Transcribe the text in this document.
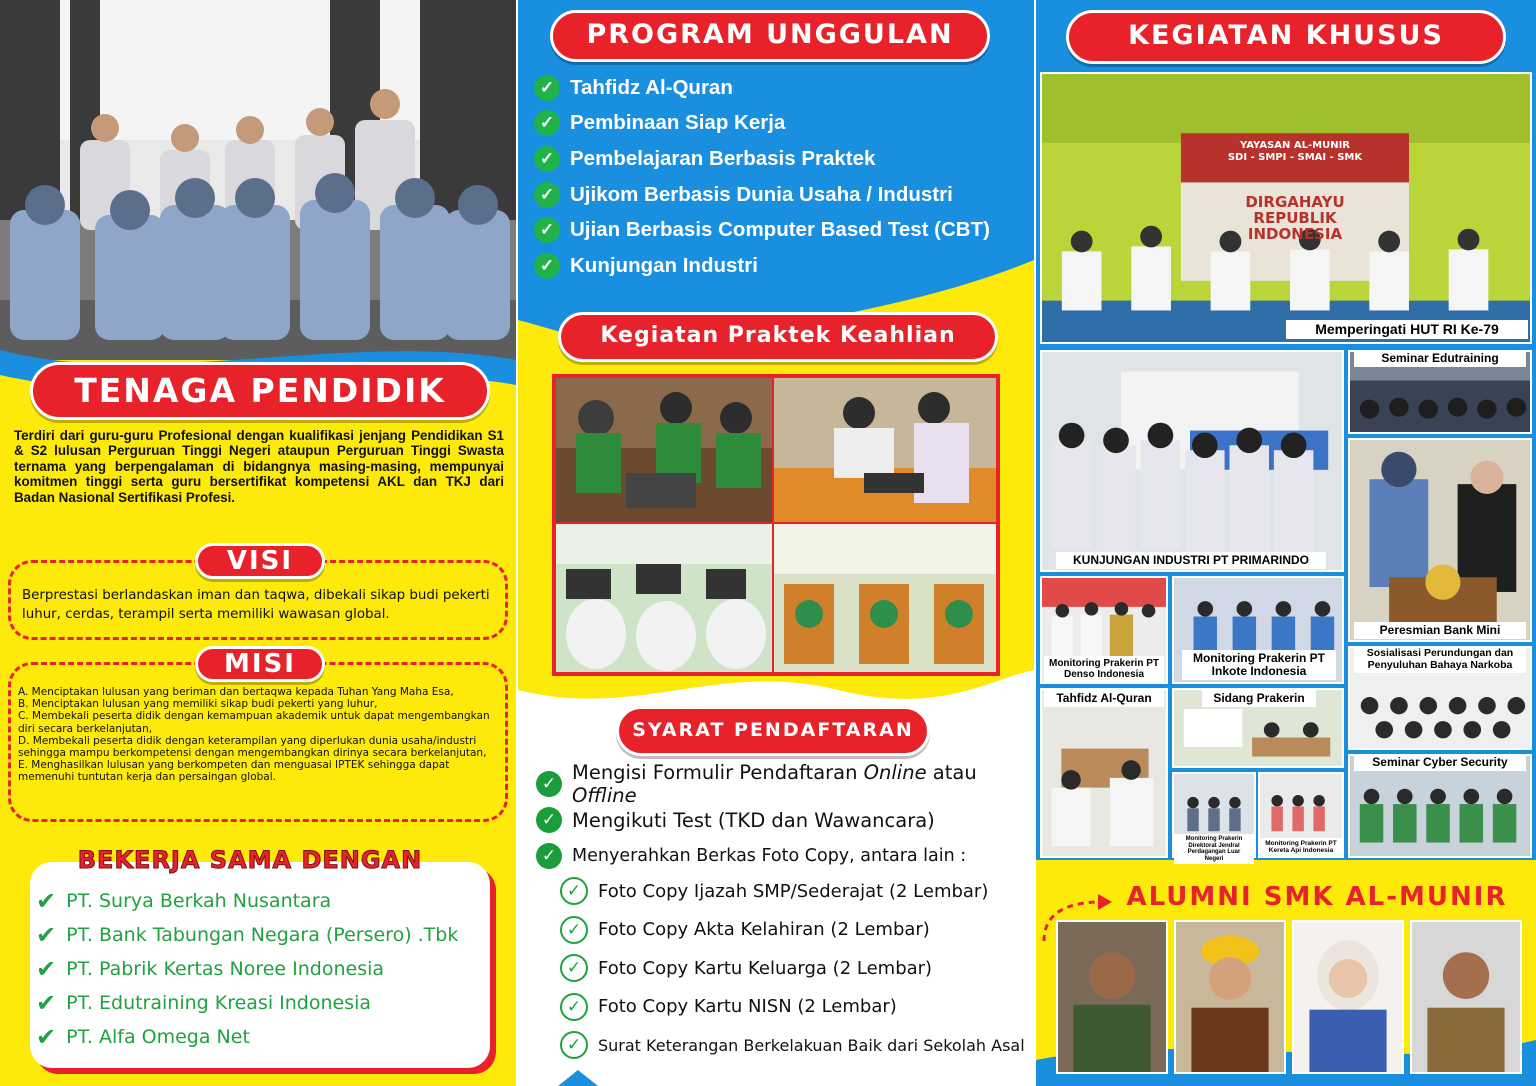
TENAGA PENDIDIK
Terdiri dari guru-guru Profesional dengan kualifikasi jenjang Pendidikan S1 & S2 lulusan Perguruan Tinggi Negeri ataupun Perguruan Tinggi Swasta ternama yang berpengalaman di bidangnya masing-masing, mempunyai komitmen tinggi serta guru bersertifikat kompetensi AKL dan TKJ dari Badan Nasional Sertifikasi Profesi.
VISI
Berprestasi berlandaskan iman dan taqwa, dibekali sikap budi pekerti luhur, cerdas, terampil serta memiliki wawasan global.
MISI
A. Menciptakan lulusan yang beriman dan bertaqwa kepada Tuhan Yang Maha Esa,
B. Menciptakan lulusan yang memiliki sikap budi pekerti yang luhur,
C. Membekali peserta didik dengan kemampuan akademik untuk dapat mengembangkan diri secara berkelanjutan,
D. Membekali peserta didik dengan keterampilan yang diperlukan dunia usaha/industri sehingga mampu berkompetensi dengan mengembangkan dirinya secara berkelanjutan,
E. Menghasilkan lulusan yang berkompeten dan menguasai IPTEK sehingga dapat memenuhi tuntutan kerja dan persaingan global.
BEKERJA SAMA DENGAN
✔ PT. Surya Berkah Nusantara
✔ PT. Bank Tabungan Negara (Persero) .Tbk
✔ PT. Pabrik Kertas Noree Indonesia
✔ PT. Edutraining Kreasi Indonesia
✔ PT. Alfa Omega Net
PROGRAM UNGGULAN
✓ Tahfidz Al-Quran
✓ Pembinaan Siap Kerja
✓ Pembelajaran Berbasis Praktek
✓ Ujikom Berbasis Dunia Usaha / Industri
✓ Ujian Berbasis Computer Based Test (CBT)
✓ Kunjungan Industri
Kegiatan Praktek Keahlian
SYARAT PENDAFTARAN
✓ Mengisi Formulir Pendaftaran Online atau Offline
✓ Mengikuti Test (TKD dan Wawancara)
✓ Menyerahkan Berkas Foto Copy, antara lain :
✓ Foto Copy Ijazah SMP/Sederajat (2 Lembar)
✓ Foto Copy Akta Kelahiran (2 Lembar)
✓ Foto Copy Kartu Keluarga (2 Lembar)
✓ Foto Copy Kartu NISN (2 Lembar)
✓	Surat Keterangan Berkelakuan Baik dari Sekolah Asal
KEGIATAN KHUSUS
YAYASAN AL-MUNIR
SDI - SMPI - SMAI - SMK
DIRGAHAYU
REPUBLIK
INDONESIA
Memperingati HUT RI Ke-79
KUNJUNGAN INDUSTRI PT PRIMARINDO
Seminar Edutraining
Peresmian Bank Mini
Monitoring Prakerin PT Denso Indonesia
Monitoring Prakerin PT Inkote Indonesia
Sosialisasi Perundungan dan Penyuluhan Bahaya Narkoba
Tahfidz Al-Quran	Sidang Prakerin
Monitoring Prakerin Direktorat Jendral Perdagangan Luar Negeri
Monitoring Prakerin PT Kereta Api Indonesia
Seminar Cyber Security
ALUMNI SMK AL-MUNIR
